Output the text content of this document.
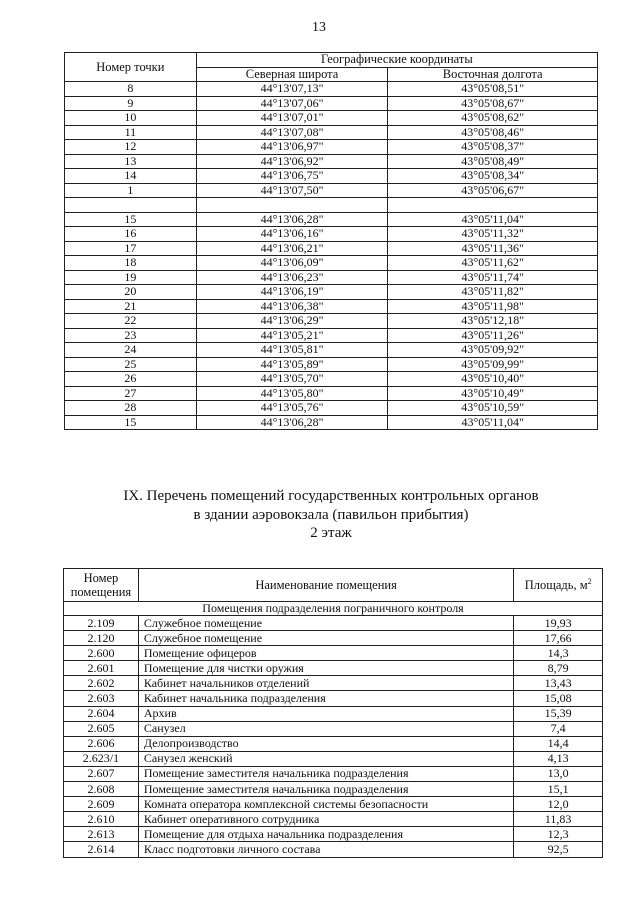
13
Номер точки	Географические координаты	
	Северная широта	Восточная долгота
8	44°13'07,13"	43°05'08,51"
9	44°13'07,06"	43°05'08,67"
10	44°13'07,01"	43°05'08,62"
11	44°13'07,08"	43°05'08,46"
12	44°13'06,97"	43°05'08,37"
13	44°13'06,92"	43°05'08,49"
14	44°13'06,75"	43°05'08,34"
1	44°13'07,50"	43°05'06,67"

15	44°13'06,28"	43°05'11,04"
16	44°13'06,16"	43°05'11,32"
17	44°13'06,21"	43°05'11,36"
18	44°13'06,09"	43°05'11,62"
19	44°13'06,23"	43°05'11,74"
20	44°13'06,19"	43°05'11,82"
21	44°13'06,38"	43°05'11,98"
22	44°13'06,29"	43°05'12,18"
23	44°13'05,21"	43°05'11,26"
24	44°13'05,81"	43°05'09,92"
25	44°13'05,89"	43°05'09,99"
26	44°13'05,70"	43°05'10,40"
27	44°13'05,80"	43°05'10,49"
28	44°13'05,76"	43°05'10,59"
15	44°13'06,28"	43°05'11,04"
IX. Перечень помещений государственных контрольных органов
в здании аэровокзала (павильон прибытия)
2 этаж
Номер
помещения	Наименование помещения	Площадь, $м^2$
Помещения подразделения пограничного контроля		
2.109	Служебное помещение	19,93
2.120	Служебное помещение	17,66
2.600	Помещение офицеров	14,3
2.601	Помещение для чистки оружия	8,79
2.602	Кабинет начальников отделений	13,43
2.603	Кабинет начальника подразделения	15,08
2.604	Архив	15,39
2.605	Санузел	7,4
2.606	Делопроизводство	14,4
2.623/1	Санузел женский	4,13
2.607	Помещение заместителя начальника подразделения	13,0
2.608	Помещение заместителя начальника подразделения	15,1
2.609	Комната оператора комплексной системы безопасности	12,0
2.610	Кабинет оперативного сотрудника	11,83
2.613	Помещение для отдыха начальника подразделения	12,3
2.614	Класс подготовки личного состава	92,5
